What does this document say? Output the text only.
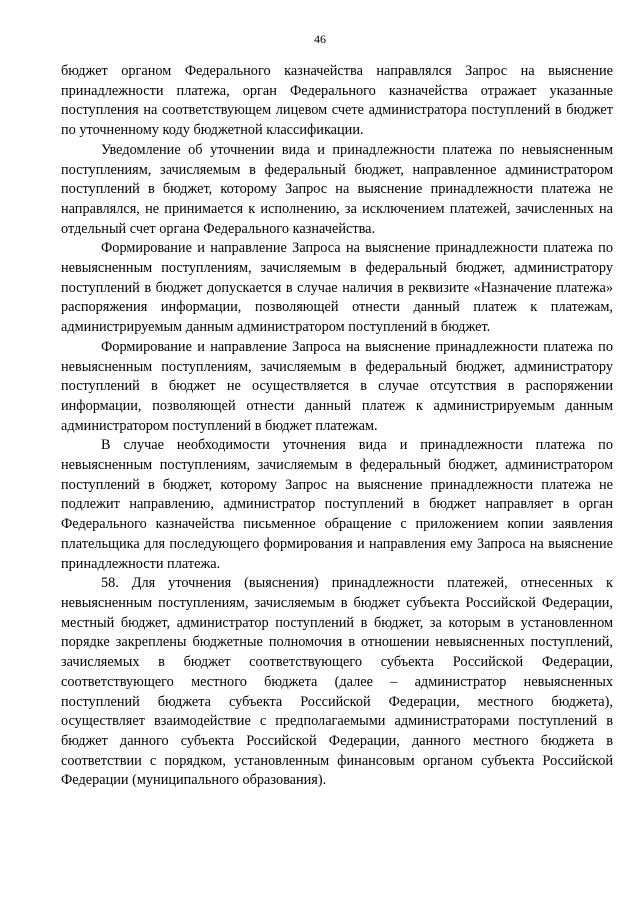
46

бюджет органом Федерального казначейства направлялся Запрос на выяснение принадлежности платежа, орган Федерального казначейства отражает указанные поступления на соответствующем лицевом счете администратора поступлений в бюджет по уточненному коду бюджетной классификации.

Уведомление об уточнении вида и принадлежности платежа по невыясненным поступлениям, зачисляемым в федеральный бюджет, направленное администратором поступлений в бюджет, которому Запрос на выяснение принадлежности платежа не направлялся, не принимается к исполнению, за исключением платежей, зачисленных на отдельный счет органа Федерального казначейства.

Формирование и направление Запроса на выяснение принадлежности платежа по невыясненным поступлениям, зачисляемым в федеральный бюджет, администратору поступлений в бюджет допускается в случае наличия в реквизите «Назначение платежа» распоряжения информации, позволяющей отнести данный платеж к платежам, администрируемым данным администратором поступлений в бюджет.

Формирование и направление Запроса на выяснение принадлежности платежа по невыясненным поступлениям, зачисляемым в федеральный бюджет, администратору поступлений в бюджет не осуществляется в случае отсутствия в распоряжении информации, позволяющей отнести данный платеж к администрируемым данным администратором поступлений в бюджет платежам.

В случае необходимости уточнения вида и принадлежности платежа по невыясненным поступлениям, зачисляемым в федеральный бюджет, администратором поступлений в бюджет, которому Запрос на выяснение принадлежности платежа не подлежит направлению, администратор поступлений в бюджет направляет в орган Федерального казначейства письменное обращение с приложением копии заявления плательщика для последующего формирования и направления ему Запроса на выяснение принадлежности платежа.

58. Для уточнения (выяснения) принадлежности платежей, отнесенных к невыясненным поступлениям, зачисляемым в бюджет субъекта Российской Федерации, местный бюджет, администратор поступлений в бюджет, за которым в установленном порядке закреплены бюджетные полномочия в отношении невыясненных поступлений, зачисляемых в бюджет соответствующего субъекта Российской Федерации, соответствующего местного бюджета (далее – администратор невыясненных поступлений бюджета субъекта Российской Федерации, местного бюджета), осуществляет взаимодействие с предполагаемыми администраторами поступлений в бюджет данного субъекта Российской Федерации, данного местного бюджета в соответствии с порядком, установленным финансовым органом субъекта Российской Федерации (муниципального образования).
